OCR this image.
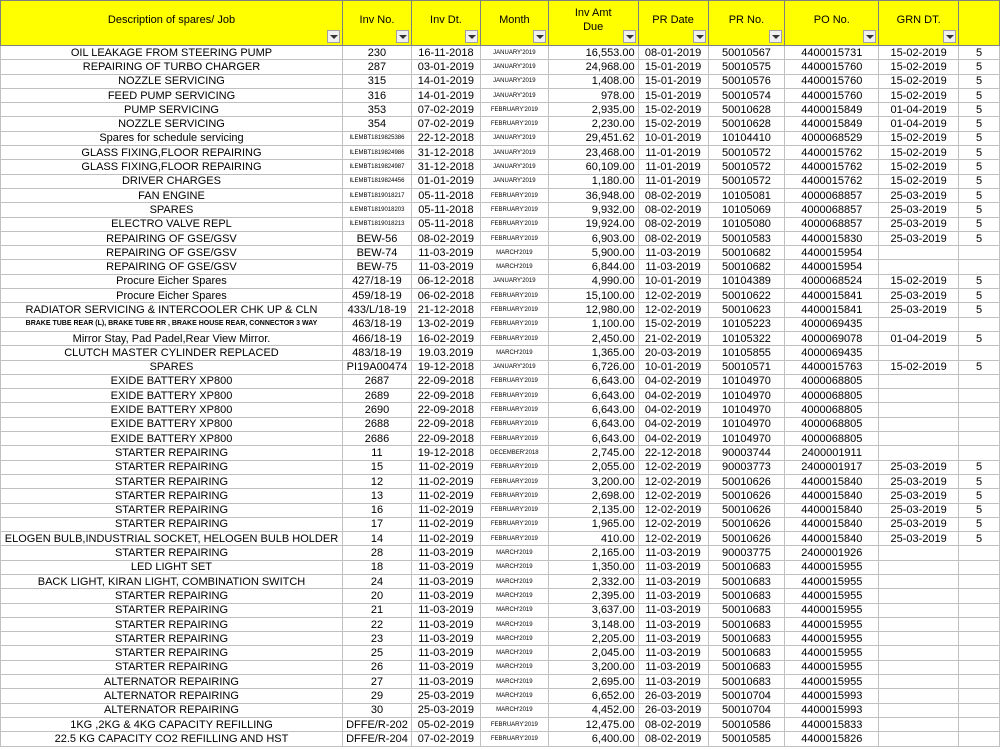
Description of spares/ Job	Inv No.	Inv Dt.	Month	Inv Amt Due	PR Date	PR No.	PO No.	GRN DT.	

OIL LEAKAGE FROM STEERING PUMP	230	16-11-2018	JANUARY'2019	16,553.00	08-01-2019	50010567	4400015731	15-02-2019	5
REPAIRING OF TURBO CHARGER	287	03-01-2019	JANUARY'2019	24,968.00	15-01-2019	50010575	4400015760	15-02-2019	5
NOZZLE SERVICING	315	14-01-2019	JANUARY'2019	1,408.00	15-01-2019	50010576	4400015760	15-02-2019	5
FEED PUMP SERVICING	316	14-01-2019	JANUARY'2019	978.00	15-01-2019	50010574	4400015760	15-02-2019	5
PUMP SERVICING	353	07-02-2019	FEBRUARY'2019	2,935.00	15-02-2019	50010628	4400015849	01-04-2019	5
NOZZLE SERVICING	354	07-02-2019	FEBRUARY'2019	2,230.00	15-02-2019	50010628	4400015849	01-04-2019	5
Spares for schedule servicing	ILEMBT1819825386	22-12-2018	JANUARY'2019	29,451.62	10-01-2019	10104410	4000068529	15-02-2019	5
GLASS FIXING,FLOOR REPAIRING	ILEMBT1819824986	31-12-2018	JANUARY'2019	23,468.00	11-01-2019	50010572	4400015762	15-02-2019	5
GLASS FIXING,FLOOR REPAIRING	ILEMBT1819824987	31-12-2018	JANUARY'2019	60,109.00	11-01-2019	50010572	4400015762	15-02-2019	5
DRIVER CHARGES	ILEMBT1819824456	01-01-2019	JANUARY'2019	1,180.00	11-01-2019	50010572	4400015762	15-02-2019	5
FAN ENGINE	ILEMBT1819018217	05-11-2018	FEBRUARY'2019	36,948.00	08-02-2019	10105081	4000068857	25-03-2019	5
SPARES	ILEMBT1819018203	05-11-2018	FEBRUARY'2019	9,932.00	08-02-2019	10105069	4000068857	25-03-2019	5
ELECTRO VALVE REPL	ILEMBT1819018213	05-11-2018	FEBRUARY'2019	19,924.00	08-02-2019	10105080	4000068857	25-03-2019	5
REPAIRING OF GSE/GSV	BEW-56	08-02-2019	FEBRUARY'2019	6,903.00	08-02-2019	50010583	4400015830	25-03-2019	5
REPAIRING OF GSE/GSV	BEW-74	11-03-2019	MARCH'2019	5,900.00	11-03-2019	50010682	4400015954		
REPAIRING OF GSE/GSV	BEW-75	11-03-2019	MARCH'2019	6,844.00	11-03-2019	50010682	4400015954		
Procure Eicher Spares	427/18-19	06-12-2018	JANUARY'2019	4,990.00	10-01-2019	10104389	4000068524	15-02-2019	5
Procure Eicher Spares	459/18-19	06-02-2018	FEBRUARY'2019	15,100.00	12-02-2019	50010622	4400015841	25-03-2019	5
RADIATOR SERVICING & INTERCOOLER CHK UP & CLN	433/L/18-19	21-12-2018	FEBRUARY'2019	12,980.00	12-02-2019	50010623	4400015841	25-03-2019	5
BRAKE TUBE REAR (L), BRAKE TUBE RR , BRAKE HOUSE REAR, CONNECTOR 3 WAY	463/18-19	13-02-2019	FEBRUARY'2019	1,100.00	15-02-2019	10105223	4000069435		
Mirror Stay, Pad Padel,Rear View Mirror.	466/18-19	16-02-2019	FEBRUARY'2019	2,450.00	21-02-2019	10105322	4000069078	01-04-2019	5
CLUTCH MASTER CYLINDER REPLACED	483/18-19	19.03.2019	MARCH'2019	1,365.00	20-03-2019	10105855	4000069435		
SPARES	PI19A00474	19-12-2018	JANUARY'2019	6,726.00	10-01-2019	50010571	4400015763	15-02-2019	5
EXIDE BATTERY XP800	2687	22-09-2018	FEBRUARY'2019	6,643.00	04-02-2019	10104970	4000068805		
EXIDE BATTERY XP800	2689	22-09-2018	FEBRUARY'2019	6,643.00	04-02-2019	10104970	4000068805		
EXIDE BATTERY XP800	2690	22-09-2018	FEBRUARY'2019	6,643.00	04-02-2019	10104970	4000068805		
EXIDE BATTERY XP800	2688	22-09-2018	FEBRUARY'2019	6,643.00	04-02-2019	10104970	4000068805		
EXIDE BATTERY XP800	2686	22-09-2018	FEBRUARY'2019	6,643.00	04-02-2019	10104970	4000068805		
STARTER REPAIRING	11	19-12-2018	DECEMBER'2018	2,745.00	22-12-2018	90003744	2400001911		
STARTER REPAIRING	15	11-02-2019	FEBRUARY'2019	2,055.00	12-02-2019	90003773	2400001917	25-03-2019	5
STARTER REPAIRING	12	11-02-2019	FEBRUARY'2019	3,200.00	12-02-2019	50010626	4400015840	25-03-2019	5
STARTER REPAIRING	13	11-02-2019	FEBRUARY'2019	2,698.00	12-02-2019	50010626	4400015840	25-03-2019	5
STARTER REPAIRING	16	11-02-2019	FEBRUARY'2019	2,135.00	12-02-2019	50010626	4400015840	25-03-2019	5
STARTER REPAIRING	17	11-02-2019	FEBRUARY'2019	1,965.00	12-02-2019	50010626	4400015840	25-03-2019	5
ELOGEN BULB,INDUSTRIAL SOCKET, HELOGEN BULB HOLDER	14	11-02-2019	FEBRUARY'2019	410.00	12-02-2019	50010626	4400015840	25-03-2019	5
STARTER REPAIRING	28	11-03-2019	MARCH'2019	2,165.00	11-03-2019	90003775	2400001926		
LED LIGHT SET	18	11-03-2019	MARCH'2019	1,350.00	11-03-2019	50010683	4400015955		
BACK LIGHT, KIRAN LIGHT, COMBINATION SWITCH	24	11-03-2019	MARCH'2019	2,332.00	11-03-2019	50010683	4400015955		
STARTER REPAIRING	20	11-03-2019	MARCH'2019	2,395.00	11-03-2019	50010683	4400015955		
STARTER REPAIRING	21	11-03-2019	MARCH'2019	3,637.00	11-03-2019	50010683	4400015955		
STARTER REPAIRING	22	11-03-2019	MARCH'2019	3,148.00	11-03-2019	50010683	4400015955		
STARTER REPAIRING	23	11-03-2019	MARCH'2019	2,205.00	11-03-2019	50010683	4400015955		
STARTER REPAIRING	25	11-03-2019	MARCH'2019	2,045.00	11-03-2019	50010683	4400015955		
STARTER REPAIRING	26	11-03-2019	MARCH'2019	3,200.00	11-03-2019	50010683	4400015955		
ALTERNATOR REPAIRING	27	11-03-2019	MARCH'2019	2,695.00	11-03-2019	50010683	4400015955		
ALTERNATOR REPAIRING	29	25-03-2019	MARCH'2019	6,652.00	26-03-2019	50010704	4400015993		
ALTERNATOR REPAIRING	30	25-03-2019	MARCH'2019	4,452.00	26-03-2019	50010704	4400015993		
1KG ,2KG & 4KG CAPACITY REFILLING	DFFE/R-202	05-02-2019	FEBRUARY'2019	12,475.00	08-02-2019	50010586	4400015833		
22.5 KG CAPACITY CO2 REFILLING AND HST	DFFE/R-204	07-02-2019	FEBRUARY'2019	6,400.00	08-02-2019	50010585	4400015826		
